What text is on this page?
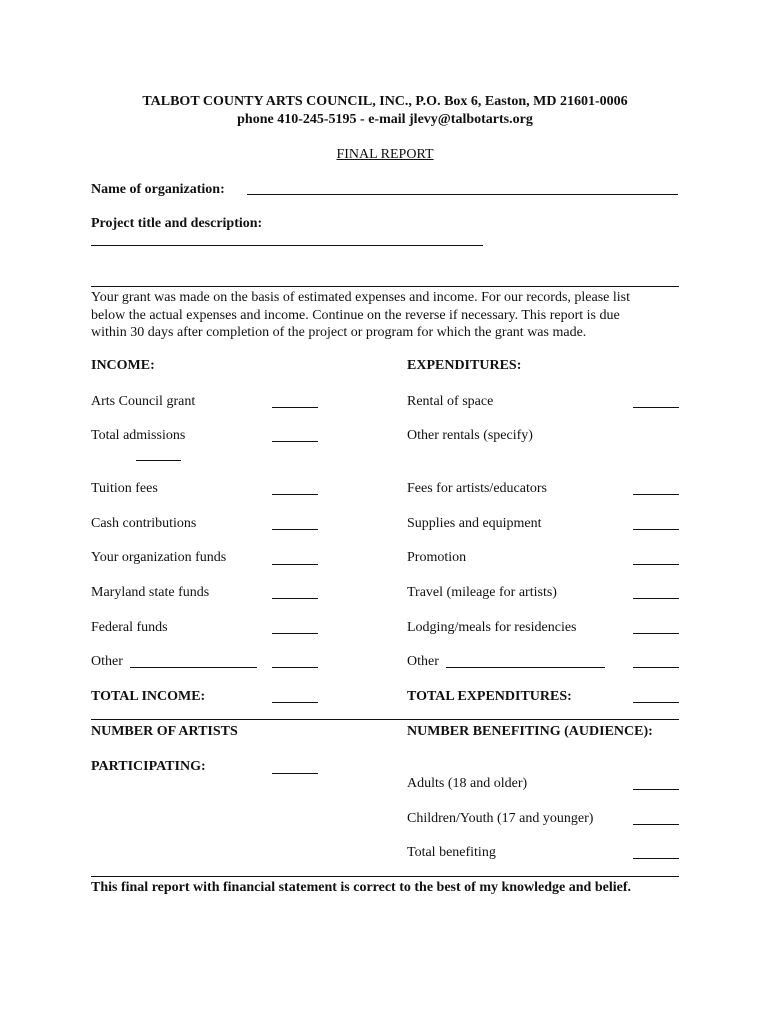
TALBOT COUNTY ARTS COUNCIL, INC., P.O. Box 6, Easton, MD 21601-0006
phone 410-245-5195 - e-mail jlevy@talbotarts.org
FINAL REPORT
Name of organization:
Project title and description:
Your grant was made on the basis of estimated expenses and income. For our records, please list
below the actual expenses and income. Continue on the reverse if necessary. This report is due
within 30 days after completion of the project or program for which the grant was made.
INCOME:	EXPENDITURES:
Arts Council grant
Total admissions
Tuition fees
Cash contributions
Your organization funds
Maryland state funds
Federal funds
Other
TOTAL INCOME:
Rental of space
Other rentals (specify)
Fees for artists/educators
Supplies and equipment
Promotion
Travel (mileage for artists)
Lodging/meals for residencies
Other
TOTAL EXPENDITURES:
NUMBER OF ARTISTS
PARTICIPATING:
NUMBER BENEFITING (AUDIENCE):
Adults (18 and older)
Children/Youth (17 and younger)
Total benefiting
This final report with financial statement is correct to the best of my knowledge and belief.
